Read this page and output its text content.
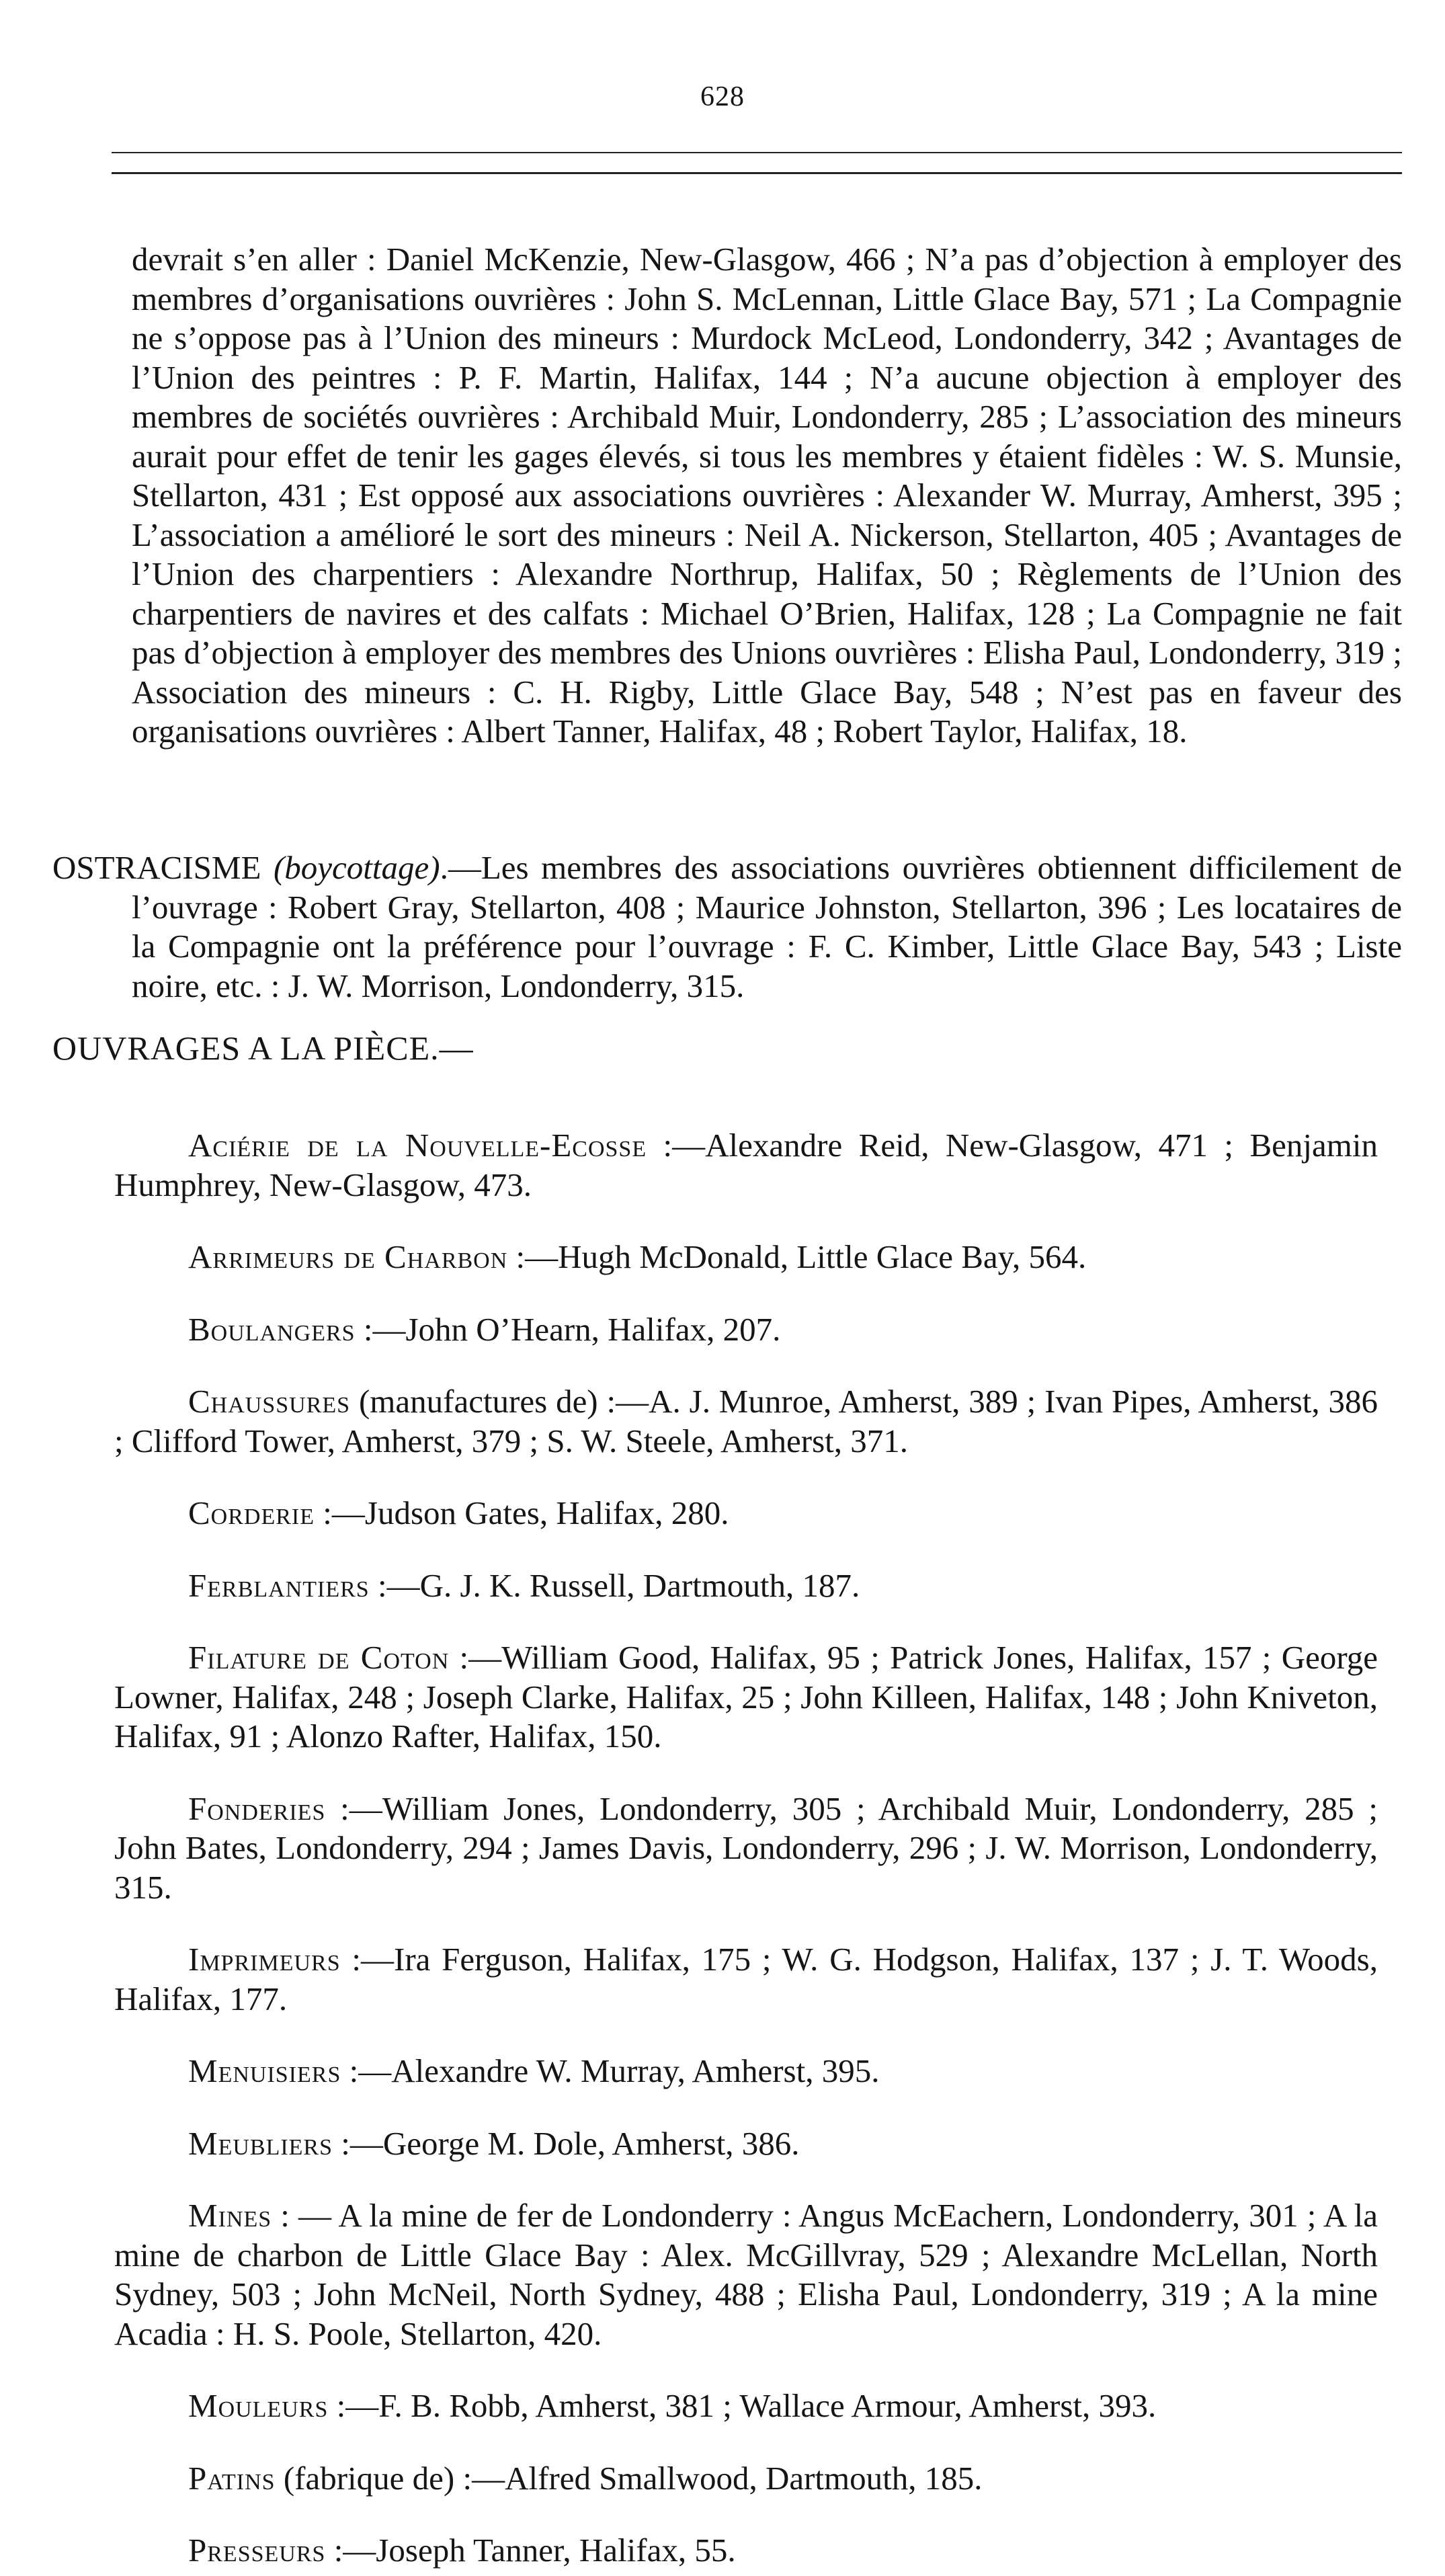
628

devrait s’en aller : Daniel McKenzie, New-Glasgow, 466 ; N’a pas d’objection à employer des membres d’organisations ouvrières : John S. McLennan, Little Glace Bay, 571 ; La Compagnie ne s’oppose pas à l’Union des mineurs : Murdock McLeod, Londonderry, 342 ; Avantages de l’Union des peintres : P. F. Martin, Halifax, 144 ; N’a aucune objection à employer des membres de sociétés ouvrières : Archibald Muir, Londonderry, 285 ; L’association des mineurs aurait pour effet de tenir les gages élevés, si tous les membres y étaient fidèles : W. S. Munsie, Stellarton, 431 ; Est opposé aux associations ouvrières : Alexander W. Murray, Amherst, 395 ; L’association a amélioré le sort des mineurs : Neil A. Nickerson, Stellarton, 405 ; Avantages de l’Union des charpentiers : Alexandre Northrup, Halifax, 50 ; Règlements de l’Union des charpentiers de navires et des calfats : Michael O’Brien, Halifax, 128 ; La Compagnie ne fait pas d’objection à employer des membres des Unions ouvrières : Elisha Paul, Londonderry, 319 ; Association des mineurs : C. H. Rigby, Little Glace Bay, 548 ; N’est pas en faveur des organisations ouvrières : Albert Tanner, Halifax, 48 ; Robert Taylor, Halifax, 18.

OSTRACISME (boycottage).—Les membres des associations ouvrières obtiennent difficilement de l’ouvrage : Robert Gray, Stellarton, 408 ; Maurice Johnston, Stellarton, 396 ; Les locataires de la Compagnie ont la préférence pour l’ouvrage : F. C. Kimber, Little Glace Bay, 543 ; Liste noire, etc. : J. W. Morrison, Londonderry, 315.

OUVRAGES A LA PIÈCE.—

Aciérie de la Nouvelle-Ecosse :—Alexandre Reid, New-Glasgow, 471 ; Benjamin Humphrey, New-Glasgow, 473.

Arrimeurs de Charbon :—Hugh McDonald, Little Glace Bay, 564.

Boulangers :—John O’Hearn, Halifax, 207.

Chaussures (manufactures de) :—A. J. Munroe, Amherst, 389 ; Ivan Pipes, Amherst, 386 ; Clifford Tower, Amherst, 379 ; S. W. Steele, Amherst, 371.

Corderie :—Judson Gates, Halifax, 280.

Ferblantiers :—G. J. K. Russell, Dartmouth, 187.

Filature de Coton :—William Good, Halifax, 95 ; Patrick Jones, Halifax, 157 ; George Lowner, Halifax, 248 ; Joseph Clarke, Halifax, 25 ; John Killeen, Halifax, 148 ; John Kniveton, Halifax, 91 ; Alonzo Rafter, Halifax, 150.

Fonderies :—William Jones, Londonderry, 305 ; Archibald Muir, Londonderry, 285 ; John Bates, Londonderry, 294 ; James Davis, Londonderry, 296 ; J. W. Morrison, Londonderry, 315.

Imprimeurs :—Ira Ferguson, Halifax, 175 ; W. G. Hodgson, Halifax, 137 ; J. T. Woods, Halifax, 177.

Menuisiers :—Alexandre W. Murray, Amherst, 395.

Meubliers :—George M. Dole, Amherst, 386.

Mines : — A la mine de fer de Londonderry : Angus McEachern, Londonderry, 301 ; A la mine de charbon de Little Glace Bay : Alex. McGillvray, 529 ; Alexandre McLellan, North Sydney, 503 ; John McNeil, North Sydney, 488 ; Elisha Paul, Londonderry, 319 ; A la mine Acadia : H. S. Poole, Stellarton, 420.

Mouleurs :—F. B. Robb, Amherst, 381 ; Wallace Armour, Amherst, 393.

Patins (fabrique de) :—Alfred Smallwood, Dartmouth, 185.

Presseurs :—Joseph Tanner, Halifax, 55.
